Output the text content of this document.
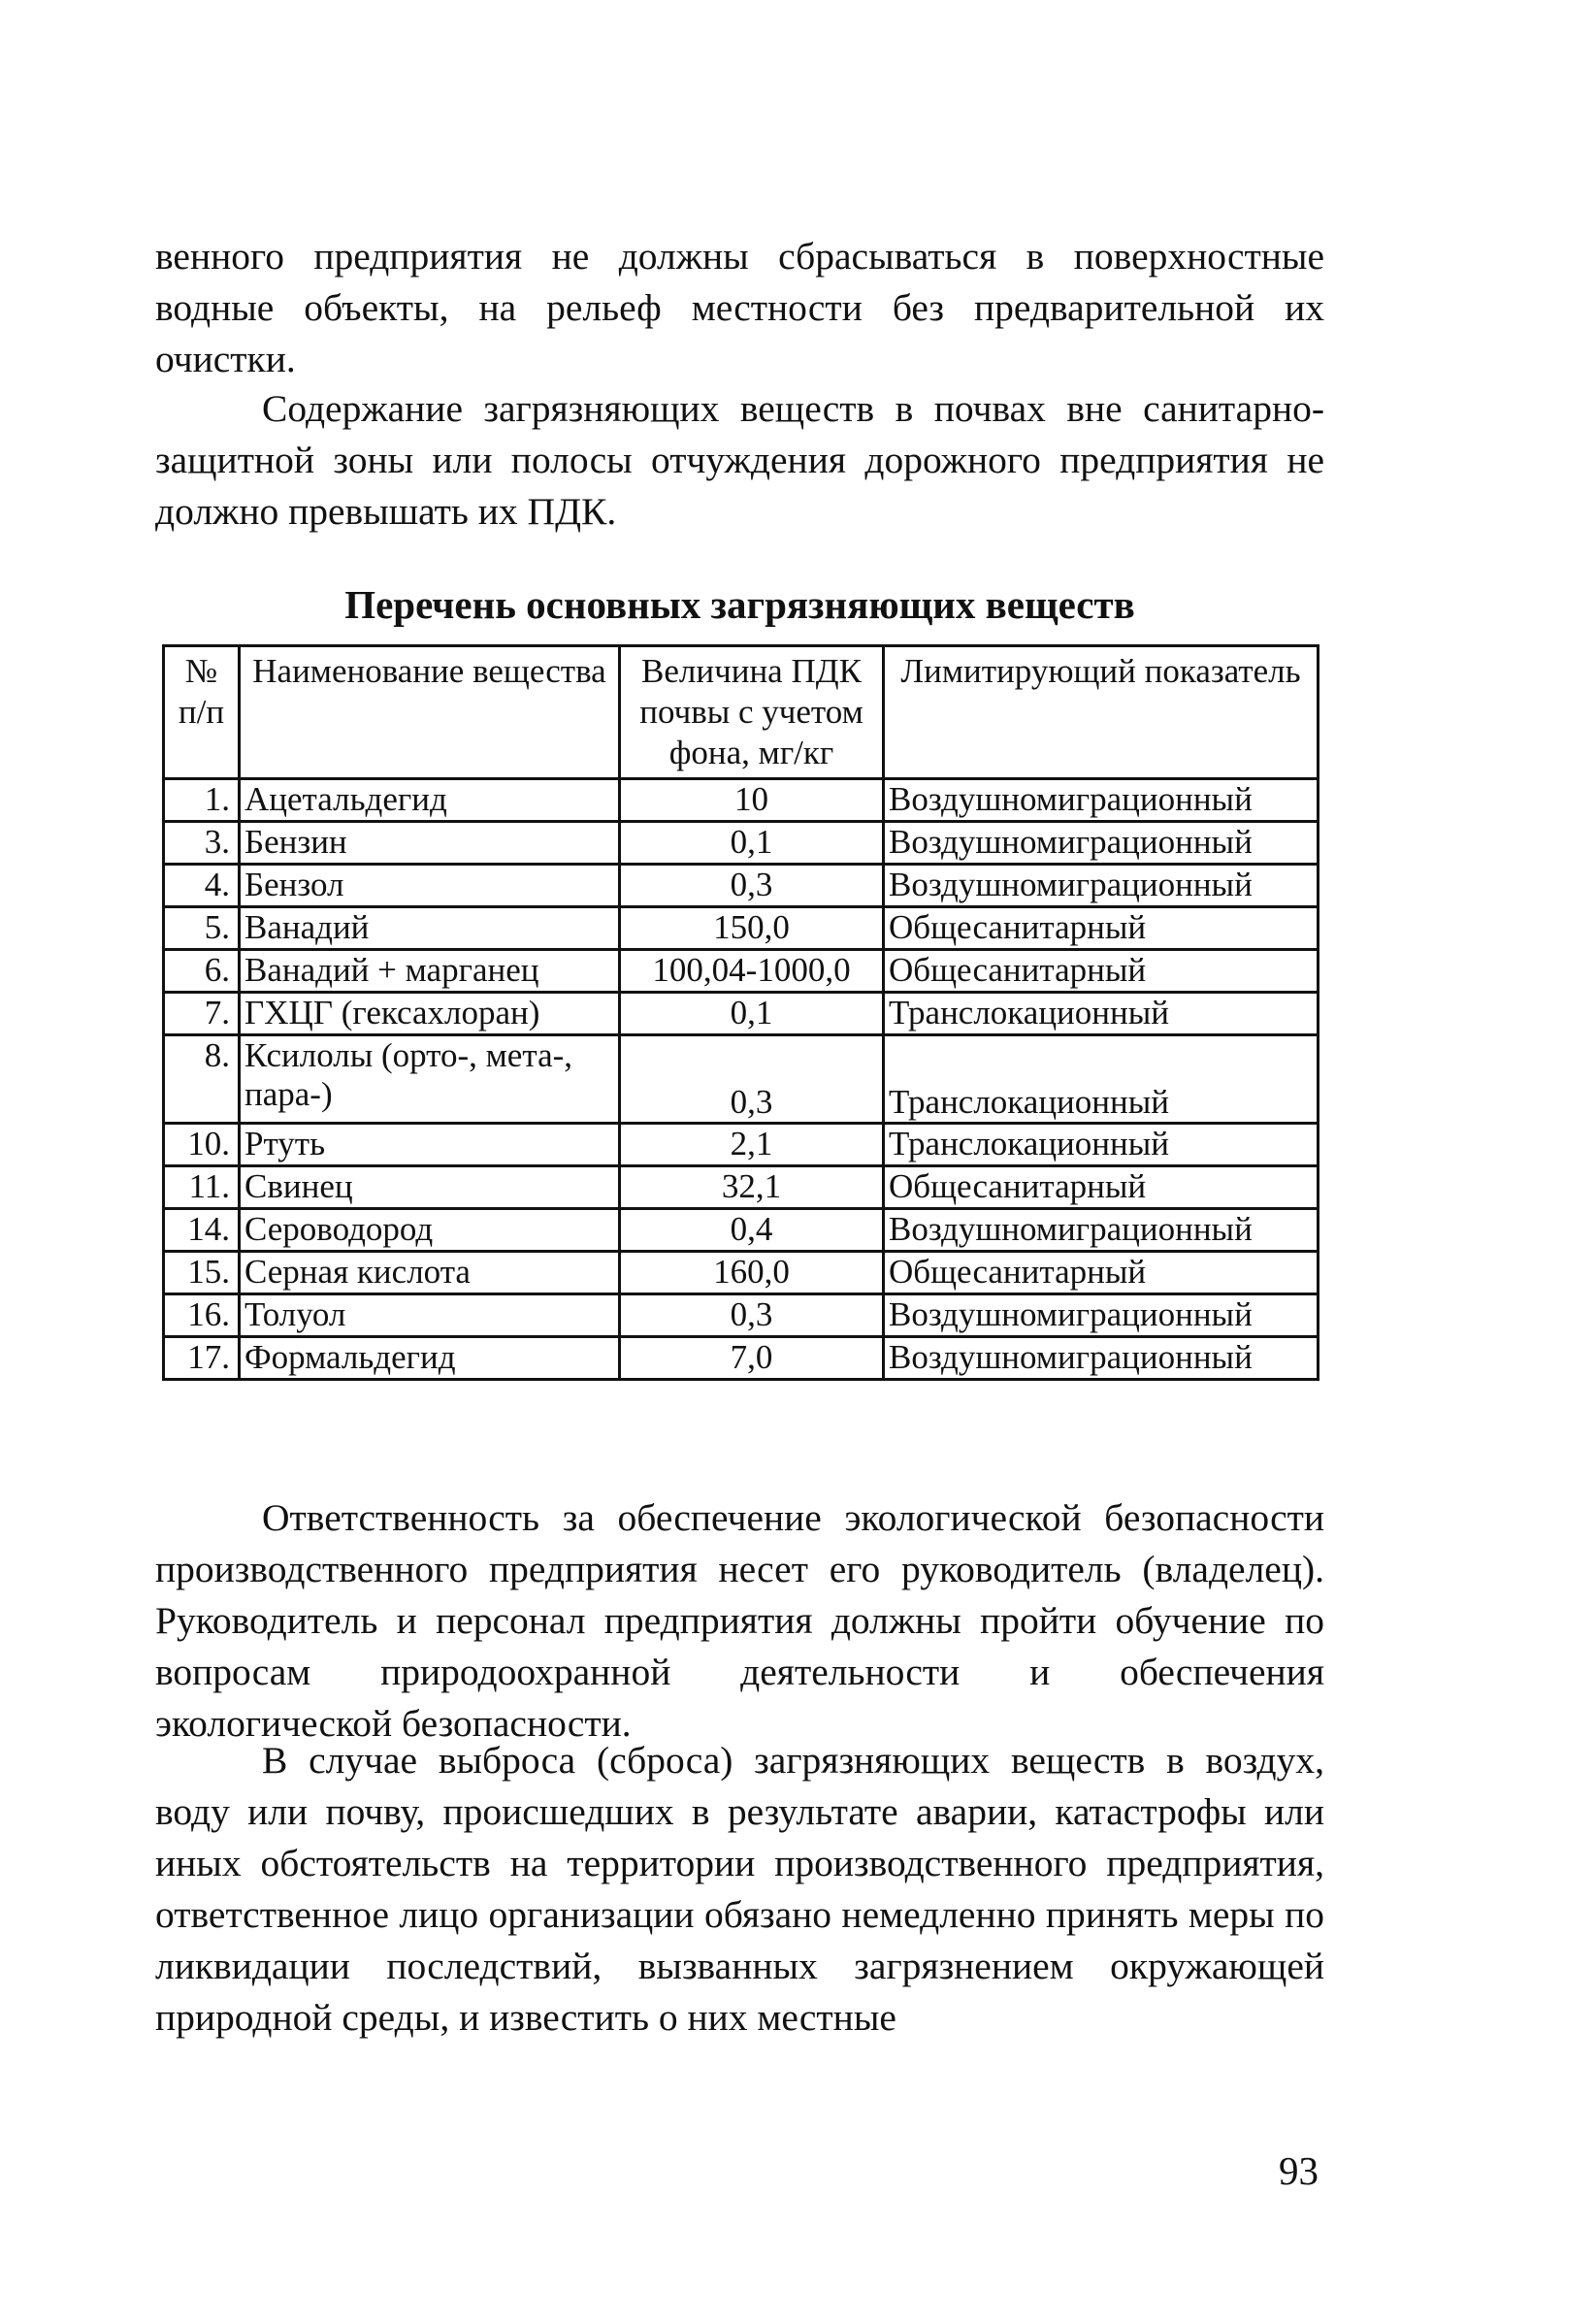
венного предприятия не должны сбрасываться в поверхностные водные объекты, на рельеф местности без предварительной их очистки.

Содержание загрязняющих веществ в почвах вне санитарно-защитной зоны или полосы отчуждения дорожного предприятия не должно превышать их ПДК.

Перечень основных загрязняющих веществ
№ п/п	Наименование вещества	Величина ПДК почвы с учетом фона, мг/кг	Лимитирующий показатель
1.	Ацетальдегид	10	Воздушномиграционный
3.	Бензин	0,1	Воздушномиграционный
4.	Бензол	0,3	Воздушномиграционный
5.	Ванадий	150,0	Общесанитарный
6.	Ванадий + марганец	100,04-1000,0	Общесанитарный
7.	ГХЦГ (гексахлоран)	0,1	Транслокационный
8.	Ксилолы (орто-, мета-, пара-)	0,3	Транслокационный
10.	Ртуть	2,1	Транслокационный
11.	Свинец	32,1	Общесанитарный
14.	Сероводород	0,4	Воздушномиграционный
15.	Серная кислота	160,0	Общесанитарный
16.	Толуол	0,3	Воздушномиграционный
17.	Формальдегид	7,0	Воздушномиграционный

Ответственность за обеспечение экологической безопасности производственного предприятия несет его руководитель (владелец). Руководитель и персонал предприятия должны пройти обучение по вопросам природоохранной деятельности и обеспечения экологической безопасности.

В случае выброса (сброса) загрязняющих веществ в воздух, воду или почву, происшедших в результате аварии, катастрофы или иных обстоятельств на территории производственного предприятия, ответственное лицо организации обязано немедленно принять меры по ликвидации последствий, вызванных загрязнением окружающей природной среды, и известить о них местные

93
